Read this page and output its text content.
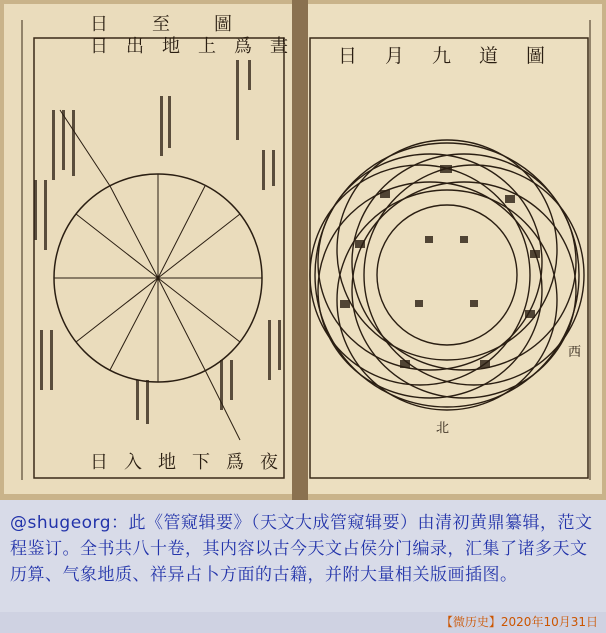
日至圖
日出地上爲晝
日入地下爲夜
日月九道圖
北
西
@shugeorg：此《管窥辑要》（天文大成管窥辑要）由清初黄鼎纂辑，范文程鉴订。全书共八十卷，其内容以古今天文占侯分门编录，汇集了诸多天文历算、气象地质、祥异占卜方面的古籍，并附大量相关版画插图。
【微历史】2020年10月31日
